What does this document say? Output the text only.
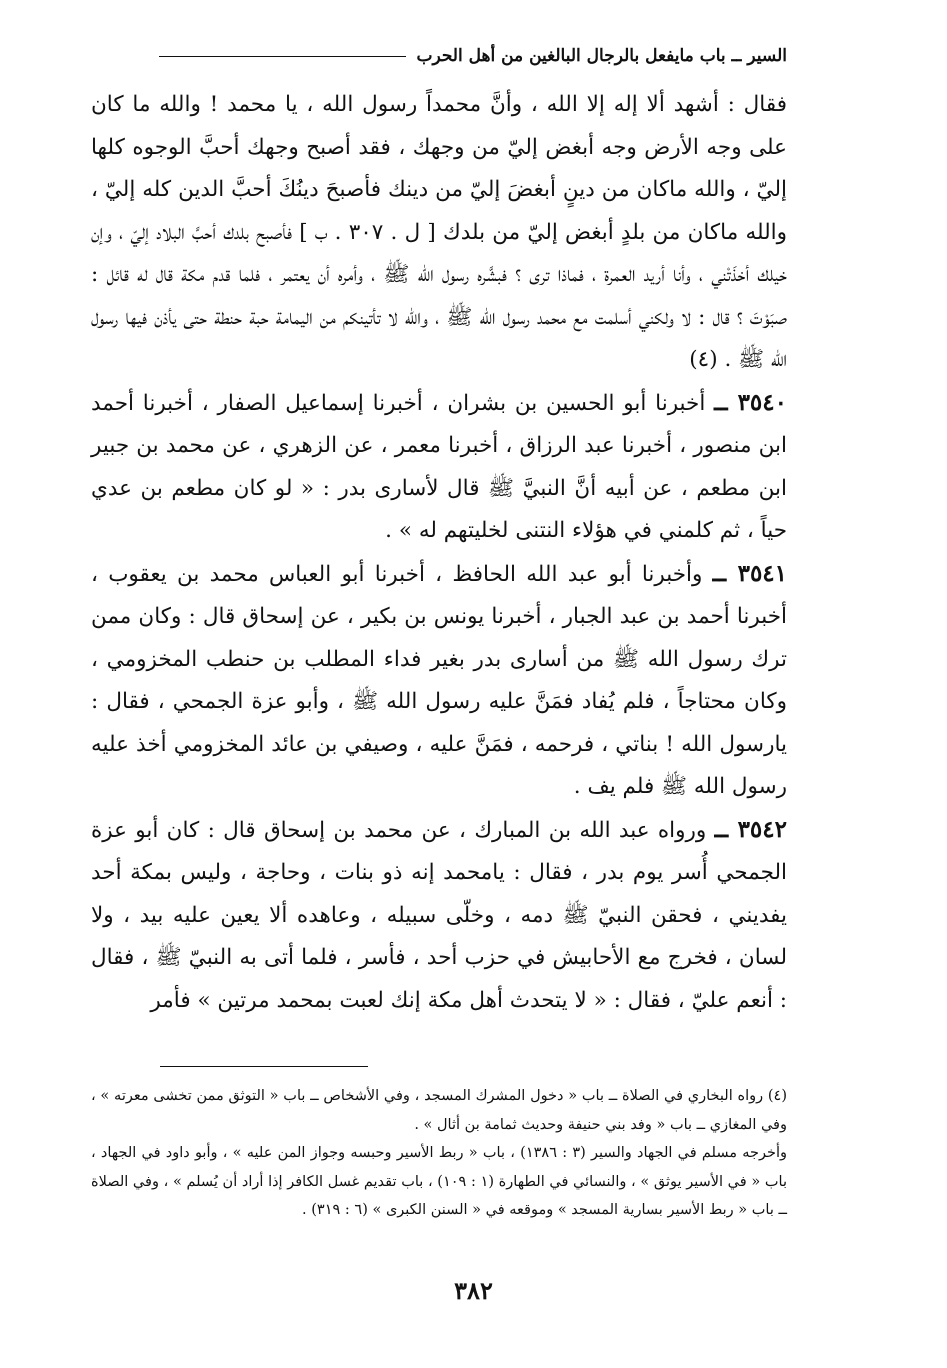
السير ــ باب مايفعل بالرجال البالغين من أهل الحرب

فقال : أشهد ألا إله إلا الله ، وأنَّ محمداً رسول الله ، يا محمد ! والله ما كان على وجه الأرض وجه أبغض إليّ من وجهك ، فقد أصبح وجهك أحبَّ الوجوه كلها إليّ ، والله ماكان من دينٍ أبغضَ إليّ من دينك فأصبحَ دينُكَ أحبَّ الدين كله إليّ ، والله ماكان من بلدٍ أبغض إليّ من بلدك [ ل . ٣٠٧ . ب ] فأصبح بلدك أحبَّ البلاد إليّ ، وإن خيلك أخذَتْني ، وأنا أريد العمرة ، فماذا ترى ؟ فبشَّره رسول الله ﷺ ، وأمره أن يعتمر ، فلما قدم مكة قال له قائل : صبَوْتَ ؟ قال : لا ولكني أسلمت مع محمد رسول الله ﷺ ، والله لا تأتينكم من اليمامة حبة حنطة حتى يأذن فيها رسول الله ﷺ . (٤)

٣٥٤٠ ــ أخبرنا أبو الحسين بن بشران ، أخبرنا إسماعيل الصفار ، أخبرنا أحمد ابن منصور ، أخبرنا عبد الرزاق ، أخبرنا معمر ، عن الزهري ، عن محمد بن جبير ابن مطعم ، عن أبيه أنَّ النبيَّ ﷺ قال لأسارى بدر : « لو كان مطعم بن عدي حياً ، ثم كلمني في هؤلاء النتنى لخليتهم له » .

٣٥٤١ ــ وأخبرنا أبو عبد الله الحافظ ، أخبرنا أبو العباس محمد بن يعقوب ، أخبرنا أحمد بن عبد الجبار ، أخبرنا يونس بن بكير ، عن إسحاق قال : وكان ممن ترك رسول الله ﷺ من أسارى بدر بغير فداء المطلب بن حنطب المخزومي ، وكان محتاجاً ، فلم يُفاد فمَنَّ عليه رسول الله ﷺ ، وأبو عزة الجمحي ، فقال : يارسول الله ! بناتي ، فرحمه ، فمَنَّ عليه ، وصيفي بن عائد المخزومي أخذ عليه رسول الله ﷺ فلم يف .

٣٥٤٢ ــ ورواه عبد الله بن المبارك ، عن محمد بن إسحاق قال : كان أبو عزة الجمحي أُسر يوم بدر ، فقال : يامحمد إنه ذو بنات ، وحاجة ، وليس بمكة أحد يفديني ، فحقن النبيّ ﷺ دمه ، وخلّى سبيله ، وعاهده ألا يعين عليه بيد ، ولا لسان ، فخرج مع الأحابيش في حزب أحد ، فأسر ، فلما أتى به النبيّ ﷺ ، فقال : أنعم عليّ ، فقال : « لا يتحدث أهل مكة إنك لعبت بمحمد مرتين » فأمر

(٤) رواه البخاري في الصلاة ــ باب « دخول المشرك المسجد ، وفي الأشخاص ــ باب « التوثق ممن تخشى معرته » ، وفي المغازي ــ باب « وفد بني حنيفة وحديث ثمامة بن أثال » .

وأخرجه مسلم في الجهاد والسير (٣ : ١٣٨٦) ، باب « ربط الأسير وحبسه وجواز المن عليه » ، وأبو داود في الجهاد ، باب « في الأسير يوثق » ، والنسائي في الطهارة (١ : ١٠٩) ، باب تقديم غسل الكافر إذا أراد أن يُسلم » ، وفي الصلاة ــ باب « ربط الأسير بسارية المسجد » وموقعه في « السنن الكبرى » (٦ : ٣١٩) .

٣٨٢
